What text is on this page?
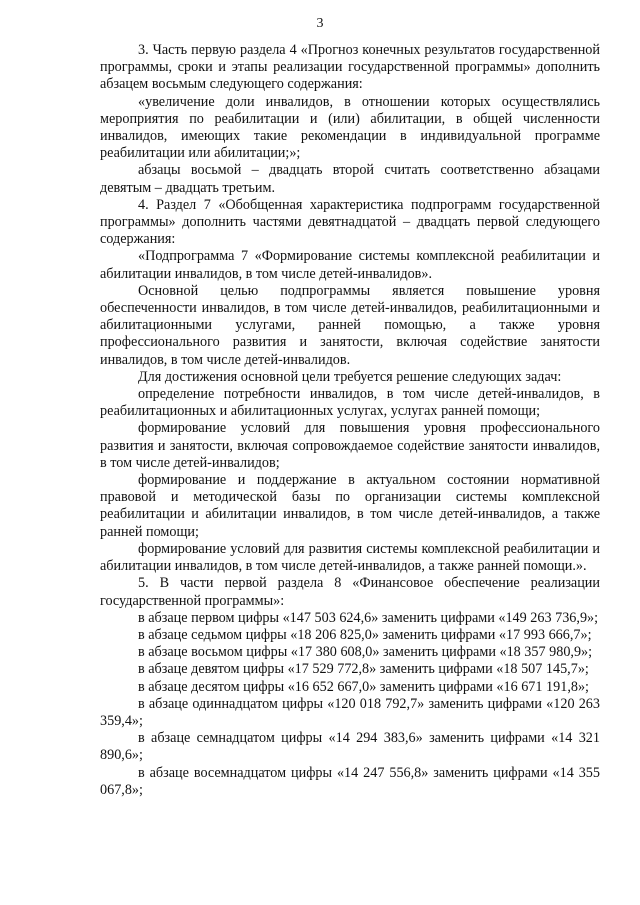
3

3. Часть первую раздела 4 «Прогноз конечных результатов государственной программы, сроки и этапы реализации государственной программы» дополнить абзацем восьмым следующего содержания:

«увеличение доли инвалидов, в отношении которых осуществлялись мероприятия по реабилитации и (или) абилитации, в общей численности инвалидов, имеющих такие рекомендации в индивидуальной программе реабилитации или абилитации;»;

абзацы восьмой – двадцать второй считать соответственно абзацами девятым – двадцать третьим.

4. Раздел 7 «Обобщенная характеристика подпрограмм государственной программы» дополнить частями девятнадцатой – двадцать первой следующего содержания:

«Подпрограмма 7 «Формирование системы комплексной реабилитации и абилитации инвалидов, в том числе детей-инвалидов».

Основной целью подпрограммы является повышение уровня обеспеченности инвалидов, в том числе детей-инвалидов, реабилитационными и абилитационными услугами, ранней помощью, а также уровня профессионального развития и занятости, включая содействие занятости инвалидов, в том числе детей-инвалидов.

Для достижения основной цели требуется решение следующих задач:

определение потребности инвалидов, в том числе детей-инвалидов, в реабилитационных и абилитационных услугах, услугах ранней помощи;

формирование условий для повышения уровня профессионального развития и занятости, включая сопровождаемое содействие занятости инвалидов, в том числе детей-инвалидов;

формирование и поддержание в актуальном состоянии нормативной правовой и методической базы по организации системы комплексной реабилитации и абилитации инвалидов, в том числе детей-инвалидов, а также ранней помощи;

формирование условий для развития системы комплексной реабилитации и абилитации инвалидов, в том числе детей-инвалидов, а также ранней помощи.».

5. В части первой раздела 8 «Финансовое обеспечение реализации государственной программы»:

в абзаце первом цифры «147 503 624,6» заменить цифрами «149 263 736,9»;

в абзаце седьмом цифры «18 206 825,0» заменить цифрами «17 993 666,7»;

в абзаце восьмом цифры «17 380 608,0» заменить цифрами «18 357 980,9»;

в абзаце девятом цифры «17 529 772,8» заменить цифрами «18 507 145,7»;

в абзаце десятом цифры «16 652 667,0» заменить цифрами «16 671 191,8»;

в абзаце одиннадцатом цифры «120 018 792,7» заменить цифрами «120 263 359,4»;

в абзаце семнадцатом цифры «14 294 383,6» заменить цифрами «14 321 890,6»;

в абзаце восемнадцатом цифры «14 247 556,8» заменить цифрами «14 355 067,8»;
